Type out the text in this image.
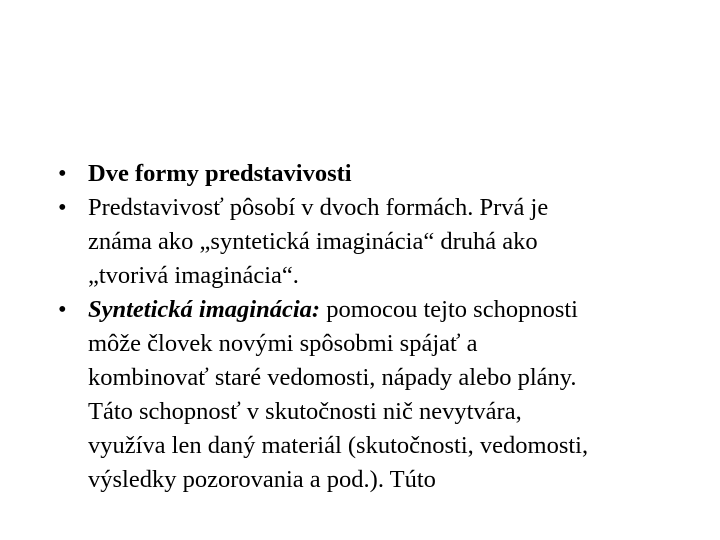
• Dve formy predstavivosti
• Predstavivosť pôsobí v dvoch formách. Prvá je
známa ako „syntetická imaginácia“ druhá ako
„tvorivá imaginácia“.
• Syntetická imaginácia: pomocou tejto schopnosti
môže človek novými spôsobmi spájať a
kombinovať staré vedomosti, nápady alebo plány.
Táto schopnosť v skutočnosti nič nevytvára,
využíva len daný materiál (skutočnosti, vedomosti,
výsledky pozorovania a pod.). Túto
